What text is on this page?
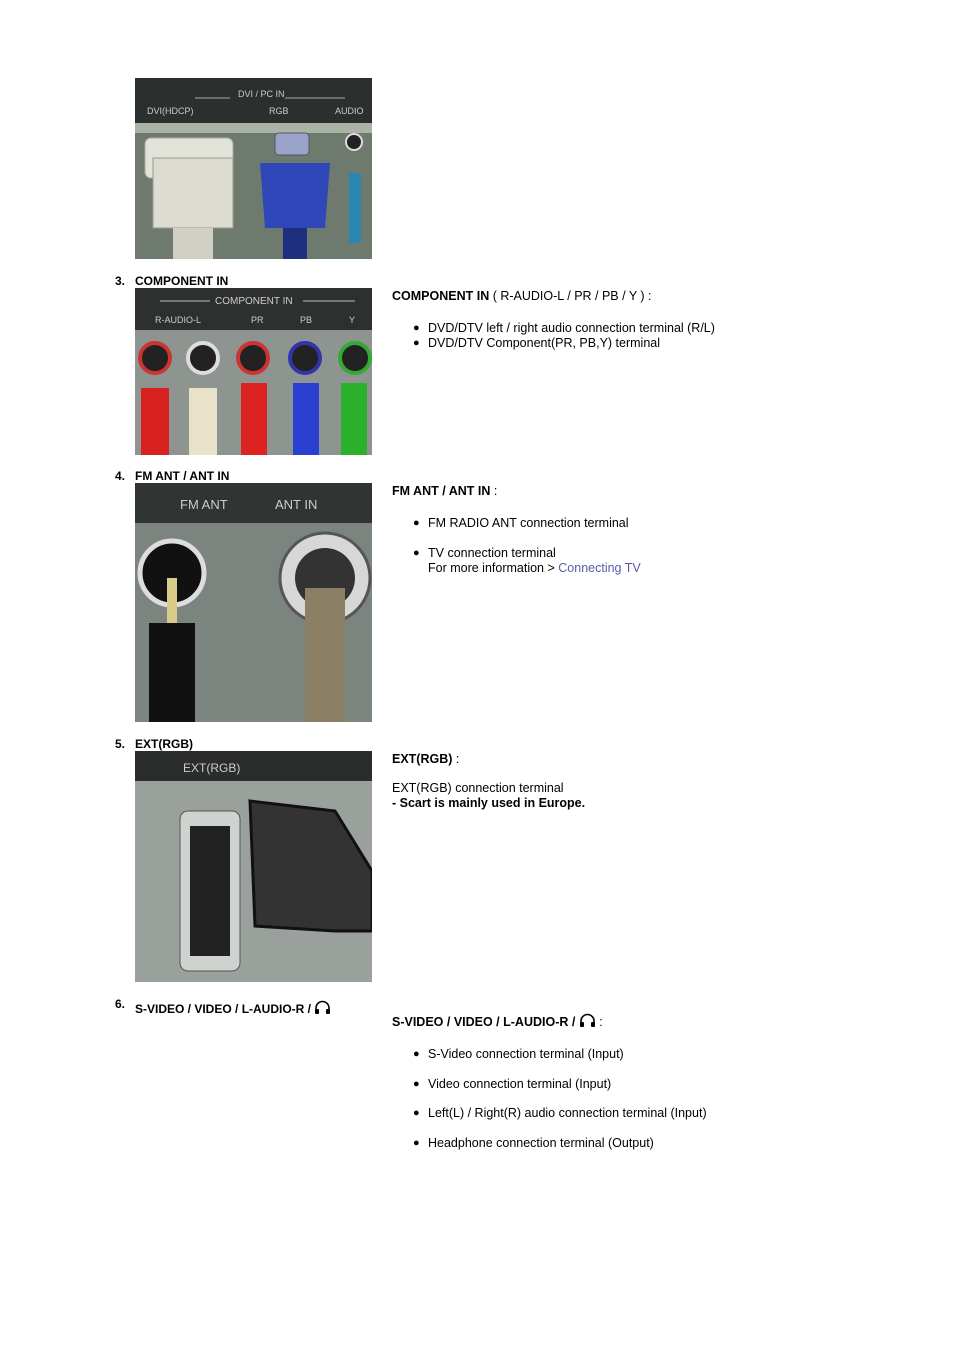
DVI / PC IN
DVI(HDCP)	RGB	AUDIO
3. COMPONENT IN
COMPONENT IN
R-AUDIO-L	PR	PB	Y
COMPONENT IN ( R-AUDIO-L / PR / PB / Y ) :
● DVD/DTV left / right audio connection terminal (R/L)
● DVD/DTV Component(PR, PB,Y) terminal
4. FM ANT / ANT IN
FM ANT	ANT IN
FM ANT / ANT IN :
● FM RADIO ANT connection terminal
● TV connection terminal
For more information > Connecting TV
5. EXT(RGB)
EXT(RGB)
EXT(RGB) :
EXT(RGB) connection terminal
- Scart is mainly used in Europe.
6. S-VIDEO / VIDEO / L-AUDIO-R /
S-VIDEO / VIDEO / L-AUDIO-R /  :
● S-Video connection terminal (Input)
● Video connection terminal (Input)
● Left(L) / Right(R) audio connection terminal (Input)
● Headphone connection terminal (Output)
